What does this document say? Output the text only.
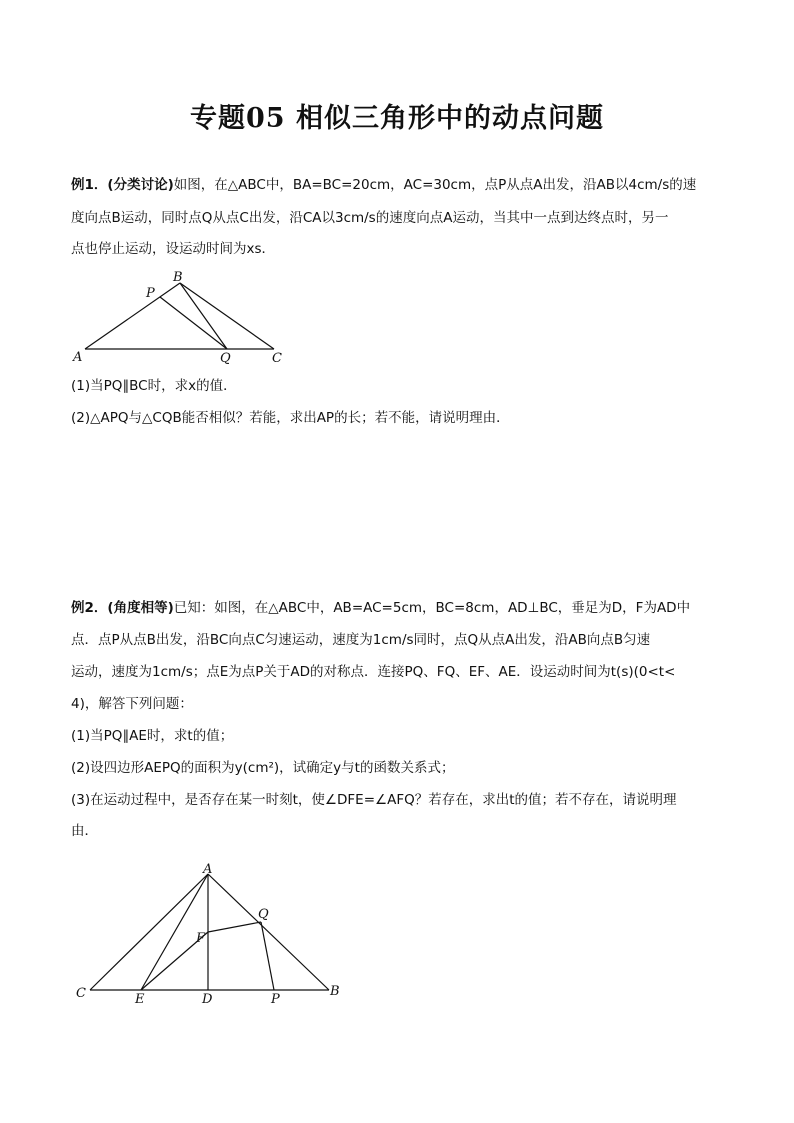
专题05 相似三角形中的动点问题
例1．(分类讨论)如图，在△ABC中，BA=BC=20cm，AC=30cm，点P从点A出发，沿AB以4cm/s的速
度向点B运动，同时点Q从点C出发，沿CA以3cm/s的速度向点A运动，当其中一点到达终点时，另一
点也停止运动，设运动时间为xs．
B
P
A	Q	C
(1)当PQ∥BC时，求x的值．
(2)△APQ与△CQB能否相似？若能，求出AP的长；若不能，请说明理由．
例2．(角度相等)已知：如图，在△ABC中，AB=AC=5cm，BC=8cm，AD⊥BC，垂足为D，F为AD中
点．点P从点B出发，沿BC向点C匀速运动，速度为1cm/s同时，点Q从点A出发，沿AB向点B匀速
运动，速度为1cm/s；点E为点P关于AD的对称点．连接PQ、FQ、EF、AE．设运动时间为t(s)(0<t<
4)，解答下列问题：
(1)当PQ∥AE时，求t的值；
(2)设四边形AEPQ的面积为y(cm²)，试确定y与t的函数关系式；
(3)在运动过程中，是否存在某一时刻t，使∠DFE=∠AFQ？若存在，求出t的值；若不存在，请说明理
由．
A
Q
F
C	E	D	P
B
